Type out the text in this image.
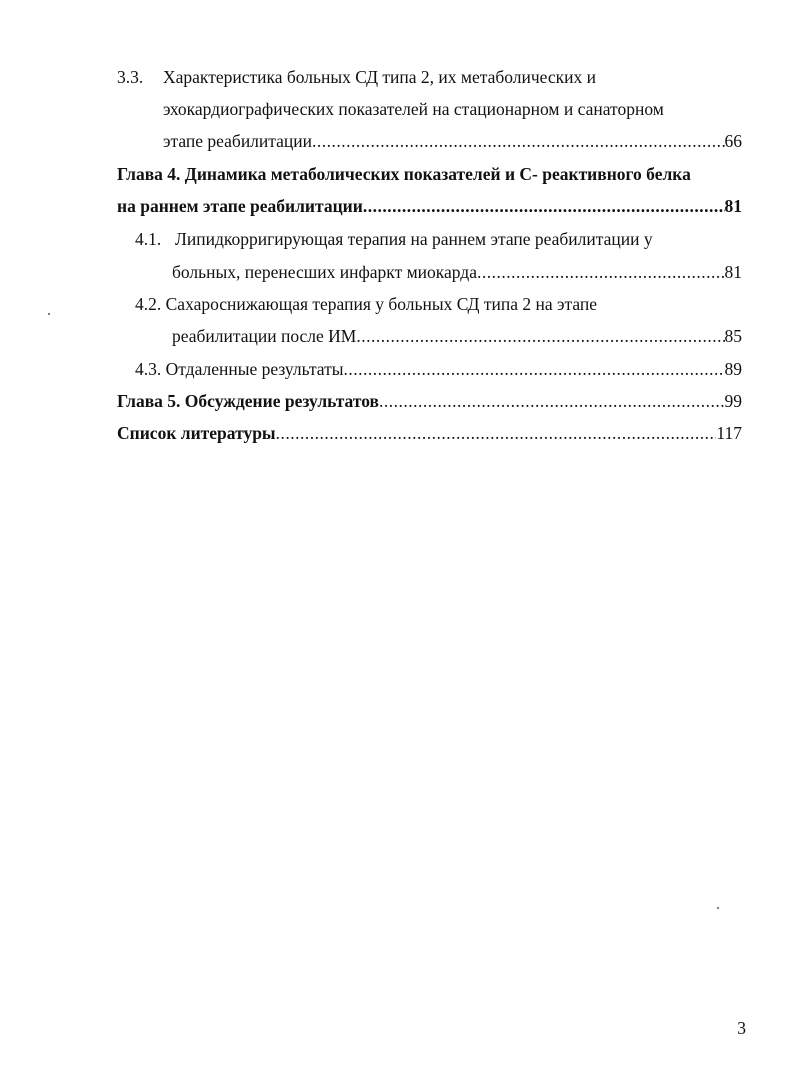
3.3.	Характеристика больных СД типа 2, их метаболических и
эхокардиографических показателей на стационарном и санаторном
этапе реабилитации .....	66
Глава 4. Динамика метаболических показателей и С- реактивного белка
на раннем этапе реабилитации .....	81
4.1. Липидкорригирующая терапия на раннем этапе реабилитации у
больных, перенесших инфаркт миокарда .....	81
4.2. Сахароснижающая терапия у больных СД типа 2 на этапе
реабилитации после ИМ .....	85
4.3. Отдаленные результаты .....	89
Глава 5. Обсуждение результатов .....	99
Список литературы .....	117
3
